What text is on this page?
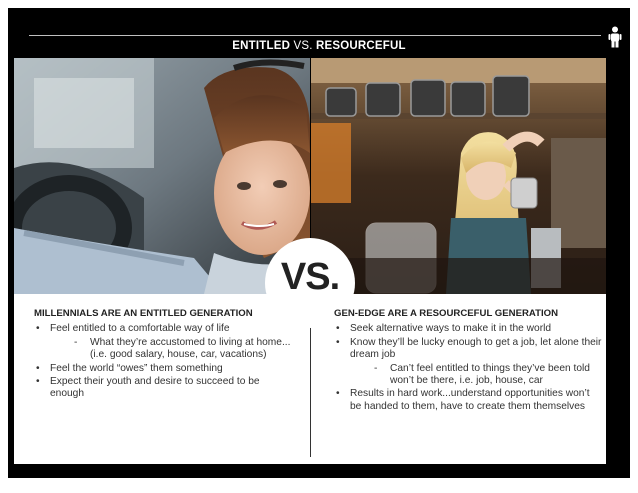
ENTITLED VS. RESOURCEFUL
VS.
MILLENNIALS ARE AN ENTITLED GENERATION
• Feel entitled to a comfortable way of life
- What they’re accustomed to living at home... (i.e. good salary, house, car, vacations)
• Feel the world “owes” them something
• Expect their youth and desire to succeed to be enough
GEN-EDGE ARE A RESOURCEFUL GENERATION
• Seek alternative ways to make it in the world
• Know they’ll be lucky enough to get a job, let alone their dream job
- Can’t feel entitled to things they’ve been told won’t be there, i.e. job, house, car
• Results in hard work...understand opportunities won’t be handed to them, have to create them themselves
